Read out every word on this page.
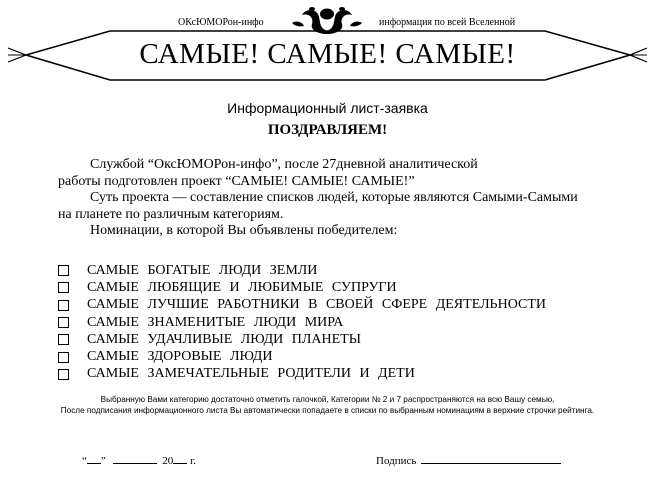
ОКсЮМОРон-инфо	информация по всей Вселенной
САМЫЕ! САМЫЕ! САМЫЕ!
Информационный лист-заявка
ПОЗДРАВЛЯЕМ!
Службой “ОксЮМОРон-инфо”, после 27дневной аналитической
работы подготовлен проект “САМЫЕ! САМЫЕ! САМЫЕ!”
Суть проекта — составление списков людей, которые являются Самыми-Самыми
на планете по различным категориям.
Номинации, в которой Вы объявлены победителем:
САМЫЕ БОГАТЫЕ ЛЮДИ ЗЕМЛИ
САМЫЕ ЛЮБЯЩИЕ И ЛЮБИМЫЕ СУПРУГИ
САМЫЕ ЛУЧШИЕ РАБОТНИКИ В СВОЕЙ СФЕРЕ ДЕЯТЕЛЬНОСТИ
САМЫЕ ЗНАМЕНИТЫЕ ЛЮДИ МИРА
САМЫЕ УДАЧЛИВЫЕ ЛЮДИ ПЛАНЕТЫ
САМЫЕ ЗДОРОВЫЕ ЛЮДИ
САМЫЕ ЗАМЕЧАТЕЛЬНЫЕ РОДИТЕЛИ И ДЕТИ
Выбранную Вами категорию достаточно отметить галочкой, Категории № 2 и 7 распространяются на всю Вашу семью,
После подписания информационного листа Вы автоматически попадаете в списки по выбранным номинациям в верхние строчки рейтинга.
“ ”	20 г.	Подпись
